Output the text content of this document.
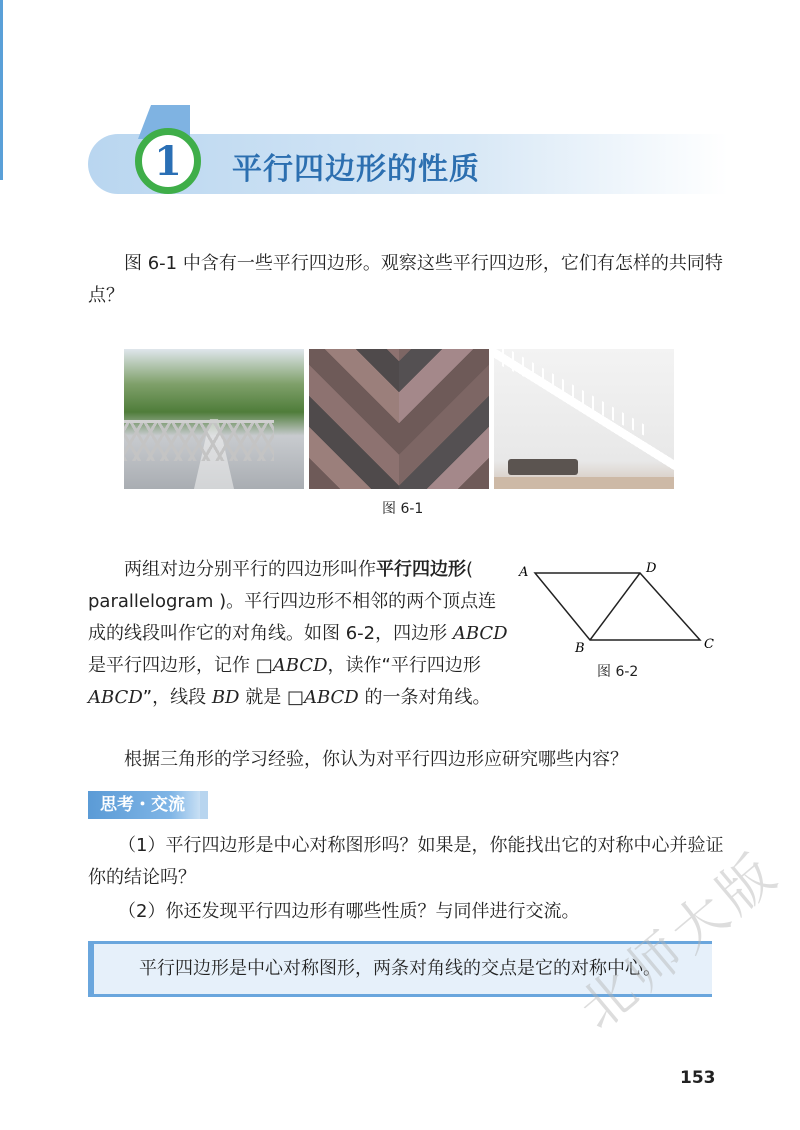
1	平行四边形的性质
图 6-1 中含有一些平行四边形。观察这些平行四边形，它们有怎样的共同特点？
图 6-1
两组对边分别平行的四边形叫作平行四边形( parallelogram )。平行四边形不相邻的两个顶点连成的线段叫作它的对角线。如图 6-2，四边形 ABCD 是平行四边形，记作 □ABCD，读作“平行四边形 ABCD”，线段 BD 就是 □ABCD 的一条对角线。
A	D
B	C
图 6-2
根据三角形的学习经验，你认为对平行四边形应研究哪些内容？
思考・交流
（1）平行四边形是中心对称图形吗？如果是，你能找出它的对称中心并验证你的结论吗？
（2）你还发现平行四边形有哪些性质？与同伴进行交流。
平行四边形是中心对称图形，两条对角线的交点是它的对称中心。
北师大版
153
